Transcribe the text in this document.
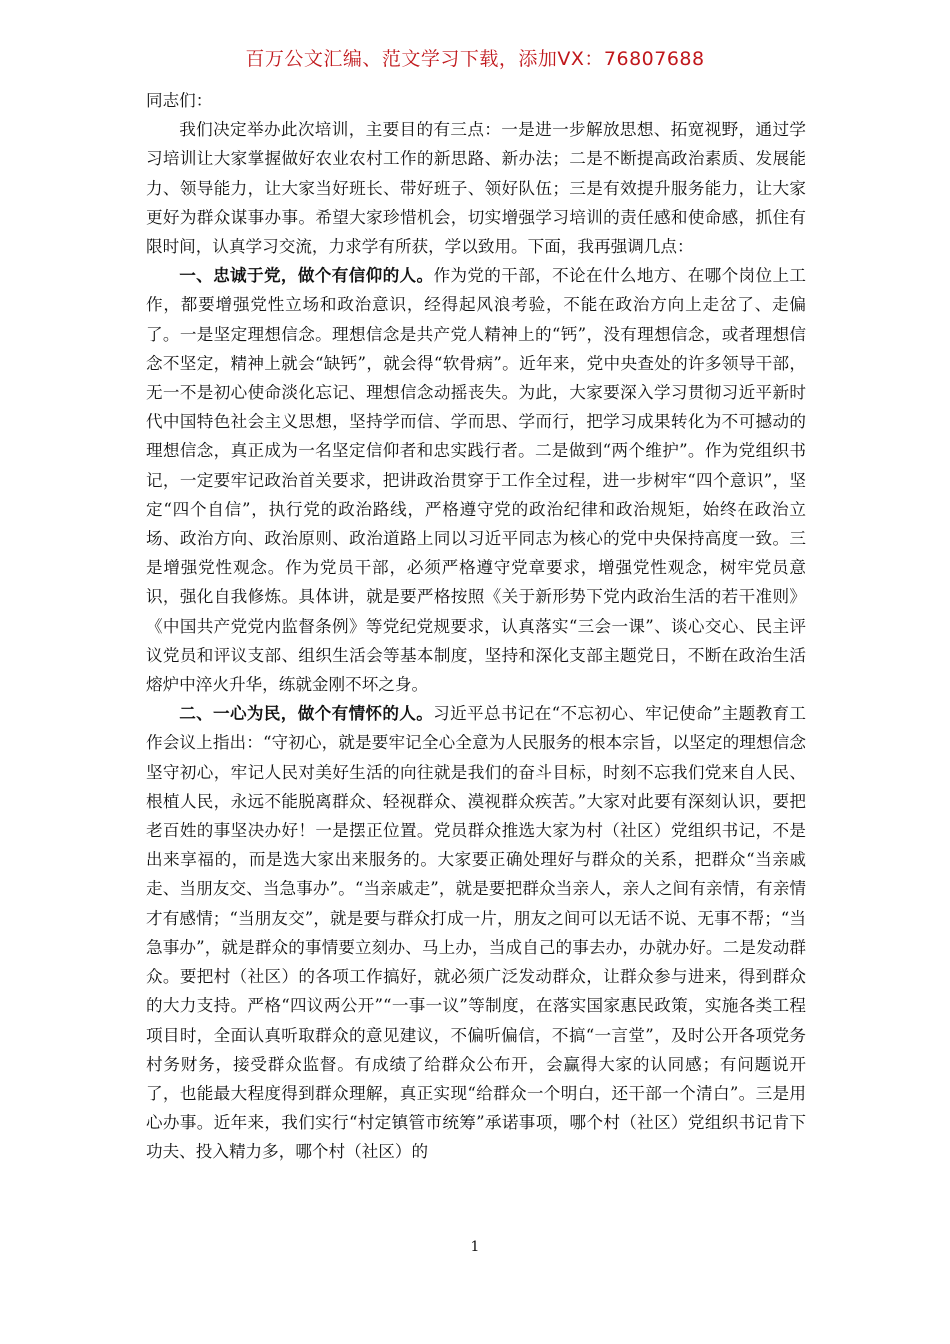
百万公文汇编、范文学习下载，添加VX：76807688

同志们：

我们决定举办此次培训，主要目的有三点：一是进一步解放思想、拓宽视野，通过学习培训让大家掌握做好农业农村工作的新思路、新办法；二是不断提高政治素质、发展能力、领导能力，让大家当好班长、带好班子、领好队伍；三是有效提升服务能力，让大家更好为群众谋事办事。希望大家珍惜机会，切实增强学习培训的责任感和使命感，抓住有限时间，认真学习交流，力求学有所获，学以致用。下面，我再强调几点：

一、忠诚于党，做个有信仰的人。作为党的干部，不论在什么地方、在哪个岗位上工作，都要增强党性立场和政治意识，经得起风浪考验，不能在政治方向上走岔了、走偏了。一是坚定理想信念。理想信念是共产党人精神上的“钙”，没有理想信念，或者理想信念不坚定，精神上就会“缺钙”，就会得“软骨病”。近年来，党中央查处的许多领导干部，无一不是初心使命淡化忘记、理想信念动摇丧失。为此，大家要深入学习贯彻习近平新时代中国特色社会主义思想，坚持学而信、学而思、学而行，把学习成果转化为不可撼动的理想信念，真正成为一名坚定信仰者和忠实践行者。二是做到“两个维护”。作为党组织书记，一定要牢记政治首关要求，把讲政治贯穿于工作全过程，进一步树牢“四个意识”，坚定“四个自信”，执行党的政治路线，严格遵守党的政治纪律和政治规矩，始终在政治立场、政治方向、政治原则、政治道路上同以习近平同志为核心的党中央保持高度一致。三是增强党性观念。作为党员干部，必须严格遵守党章要求，增强党性观念，树牢党员意识，强化自我修炼。具体讲，就是要严格按照《关于新形势下党内政治生活的若干准则》《中国共产党党内监督条例》等党纪党规要求，认真落实“三会一课”、谈心交心、民主评议党员和评议支部、组织生活会等基本制度，坚持和深化支部主题党日，不断在政治生活熔炉中淬火升华，练就金刚不坏之身。

二、一心为民，做个有情怀的人。习近平总书记在“不忘初心、牢记使命”主题教育工作会议上指出：“守初心，就是要牢记全心全意为人民服务的根本宗旨，以坚定的理想信念坚守初心，牢记人民对美好生活的向往就是我们的奋斗目标，时刻不忘我们党来自人民、根植人民，永远不能脱离群众、轻视群众、漠视群众疾苦。”大家对此要有深刻认识，要把老百姓的事坚决办好！一是摆正位置。党员群众推选大家为村（社区）党组织书记，不是出来享福的，而是选大家出来服务的。大家要正确处理好与群众的关系，把群众“当亲戚走、当朋友交、当急事办”。“当亲戚走”，就是要把群众当亲人，亲人之间有亲情，有亲情才有感情；“当朋友交”，就是要与群众打成一片，朋友之间可以无话不说、无事不帮；“当急事办”，就是群众的事情要立刻办、马上办，当成自己的事去办，办就办好。二是发动群众。要把村（社区）的各项工作搞好，就必须广泛发动群众，让群众参与进来，得到群众的大力支持。严格“四议两公开”“一事一议”等制度，在落实国家惠民政策，实施各类工程项目时，全面认真听取群众的意见建议，不偏听偏信，不搞“一言堂”，及时公开各项党务村务财务，接受群众监督。有成绩了给群众公布开，会赢得大家的认同感；有问题说开了，也能最大程度得到群众理解，真正实现“给群众一个明白，还干部一个清白”。三是用心办事。近年来，我们实行“村定镇管市统筹”承诺事项，哪个村（社区）党组织书记肯下功夫、投入精力多，哪个村（社区）的

1
